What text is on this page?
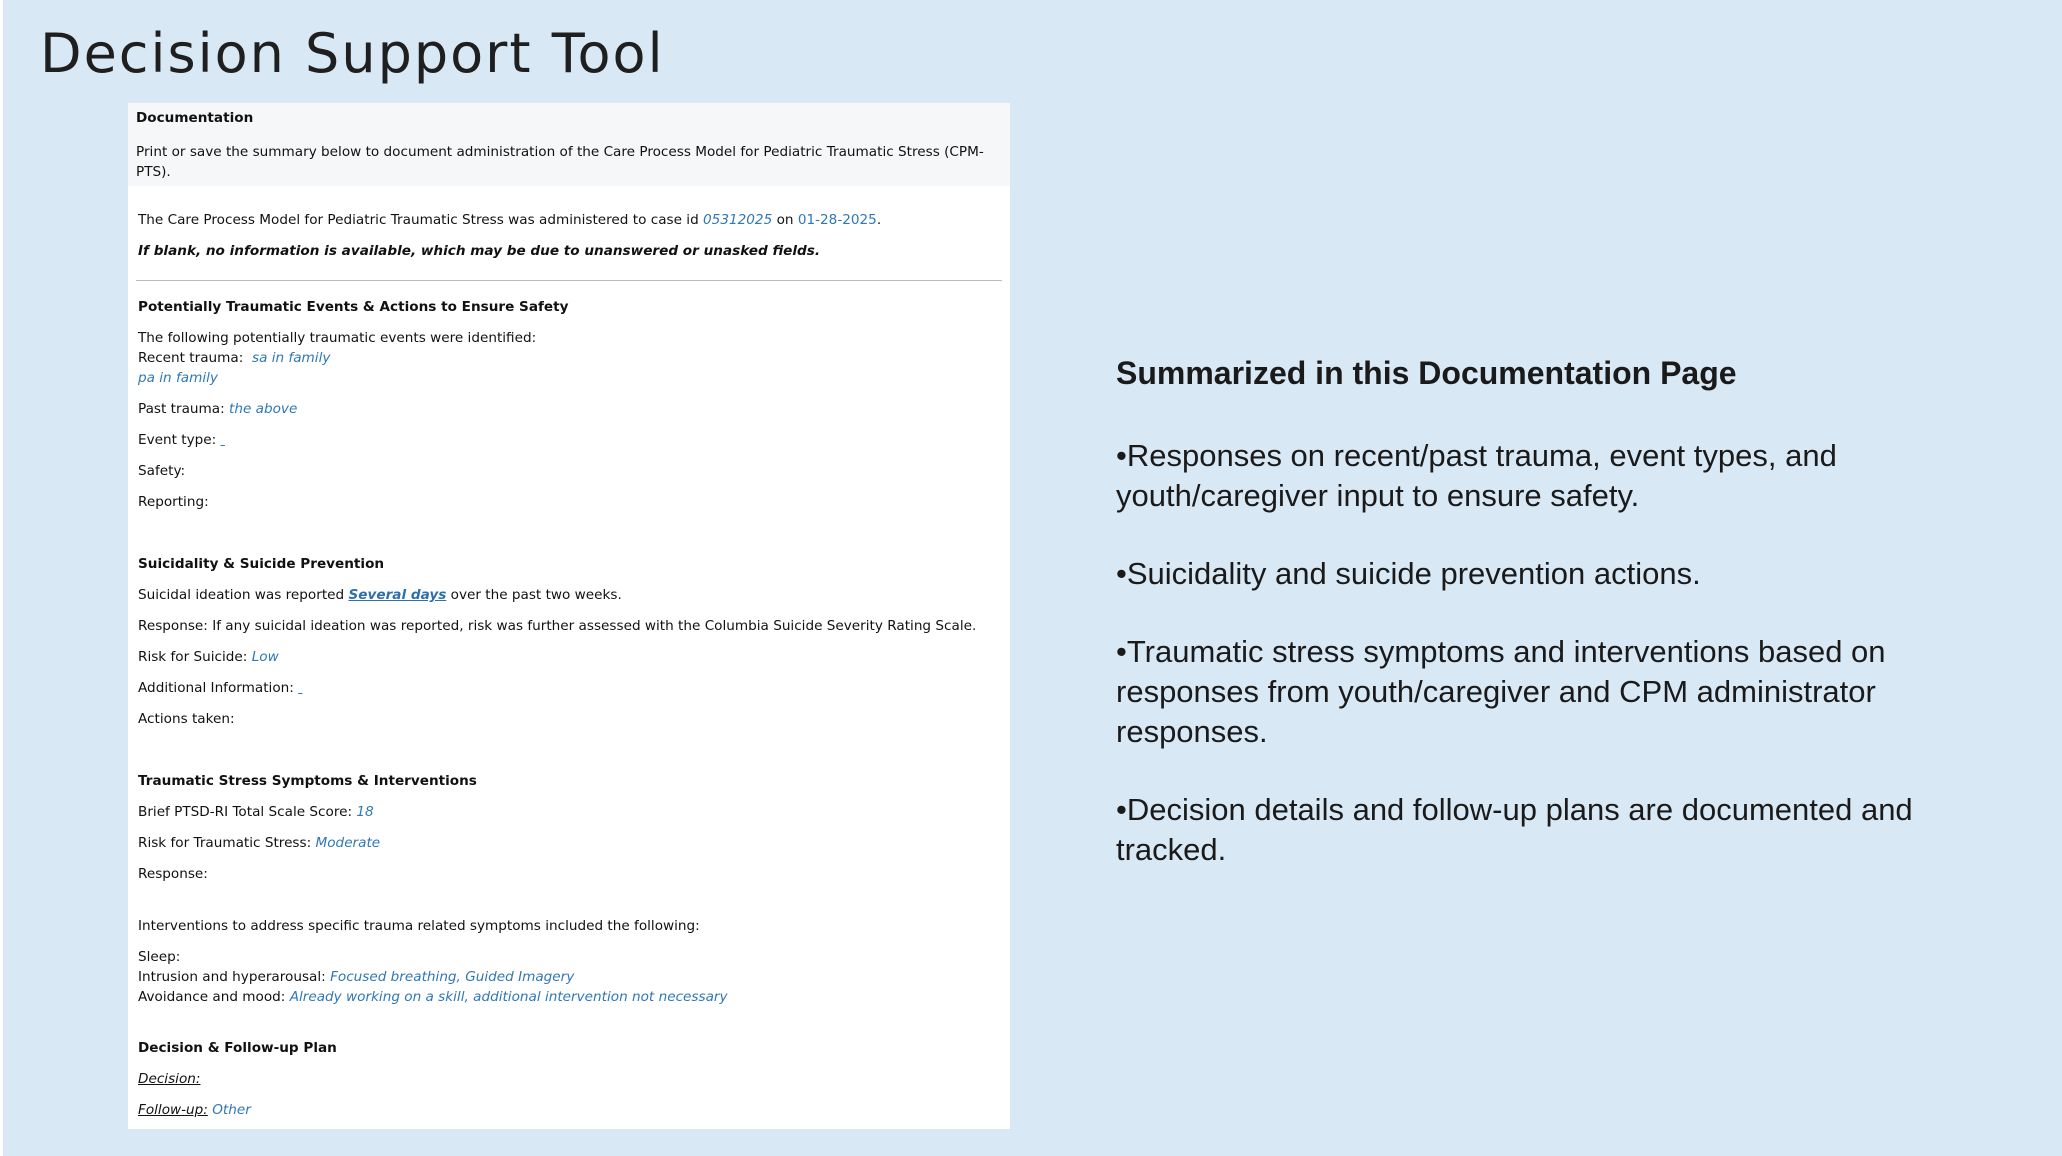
Decision Support Tool
Documentation

Print or save the summary below to document administration of the Care Process Model for Pediatric Traumatic Stress (CPM-PTS).

The Care Process Model for Pediatric Traumatic Stress was administered to case id 05312025 on 01-28-2025.
If blank, no information is available, which may be due to unanswered or unasked fields.
Potentially Traumatic Events & Actions to Ensure Safety
The following potentially traumatic events were identified:
Recent trauma: sa in family
pa in family
Past trauma: the above
Event type:
Safety:
Reporting:
Suicidality & Suicide Prevention
Suicidal ideation was reported Several days over the past two weeks.
Response: If any suicidal ideation was reported, risk was further assessed with the Columbia Suicide Severity Rating Scale.
Risk for Suicide: Low
Additional Information:
Actions taken:
Traumatic Stress Symptoms & Interventions
Brief PTSD-RI Total Scale Score: 18
Risk for Traumatic Stress: Moderate
Response:
Interventions to address specific trauma related symptoms included the following:
Sleep:
Intrusion and hyperarousal: Focused breathing, Guided Imagery
Avoidance and mood: Already working on a skill, additional intervention not necessary
Decision & Follow-up Plan
Decision:
Follow-up: Other
Summarized in this Documentation Page

•Responses on recent/past trauma, event types, and youth/caregiver input to ensure safety.

•Suicidality and suicide prevention actions.

•Traumatic stress symptoms and interventions based on responses from youth/caregiver and CPM administrator responses.

•Decision details and follow-up plans are documented and tracked.
